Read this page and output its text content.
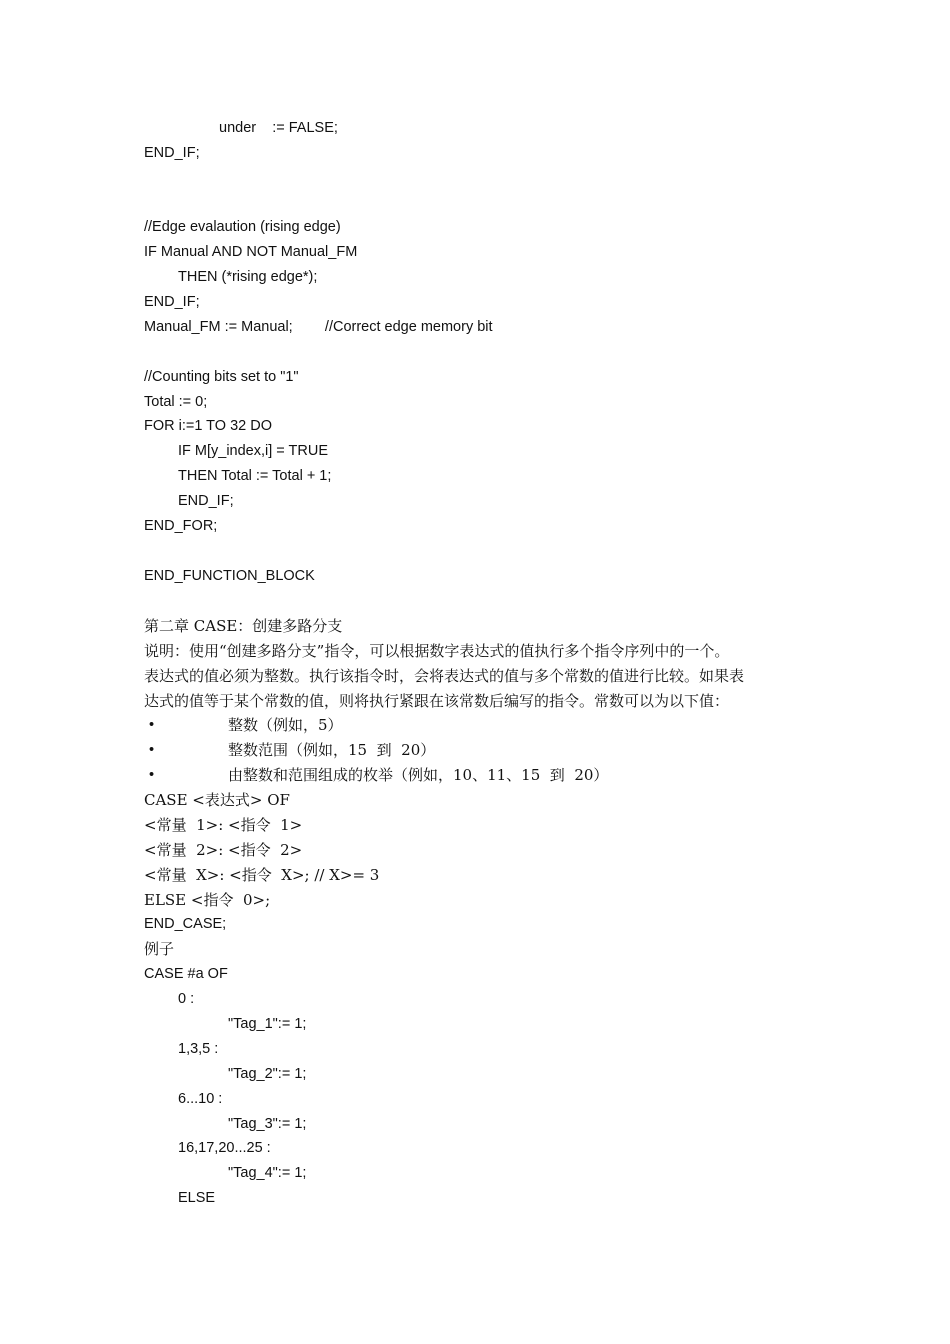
under    := FALSE;
END_IF;
//Edge evalaution (rising edge)
IF Manual AND NOT Manual_FM
THEN (*rising edge*);
END_IF;
Manual_FM := Manual;        //Correct edge memory bit
//Counting bits set to "1"
Total := 0;
FOR i:=1 TO 32 DO
IF M[y_index,i] = TRUE
THEN Total := Total + 1;
END_IF;
END_FOR;
END_FUNCTION_BLOCK
第二章 CASE：创建多路分支
说明：使用“创建多路分支”指令，可以根据数字表达式的值执行多个指令序列中的一个。
表达式的值必须为整数。执行该指令时，会将表达式的值与多个常数的值进行比较。如果表
达式的值等于某个常数的值，则将执行紧跟在该常数后编写的指令。常数可以为以下值：
•	整数（例如，5）
•	整数范围（例如，15  到  20）
•	由整数和范围组成的枚举（例如，10、11、15  到  20）
CASE <表达式> OF
<常量  1>: <指令  1>
<常量  2>: <指令  2>
<常量  X>: <指令  X>; // X>= 3
ELSE <指令  0>;
END_CASE;
例子
CASE #a OF
0 :
"Tag_1":= 1;
1,3,5 :
"Tag_2":= 1;
6...10 :
"Tag_3":= 1;
16,17,20...25 :
"Tag_4":= 1;
ELSE
